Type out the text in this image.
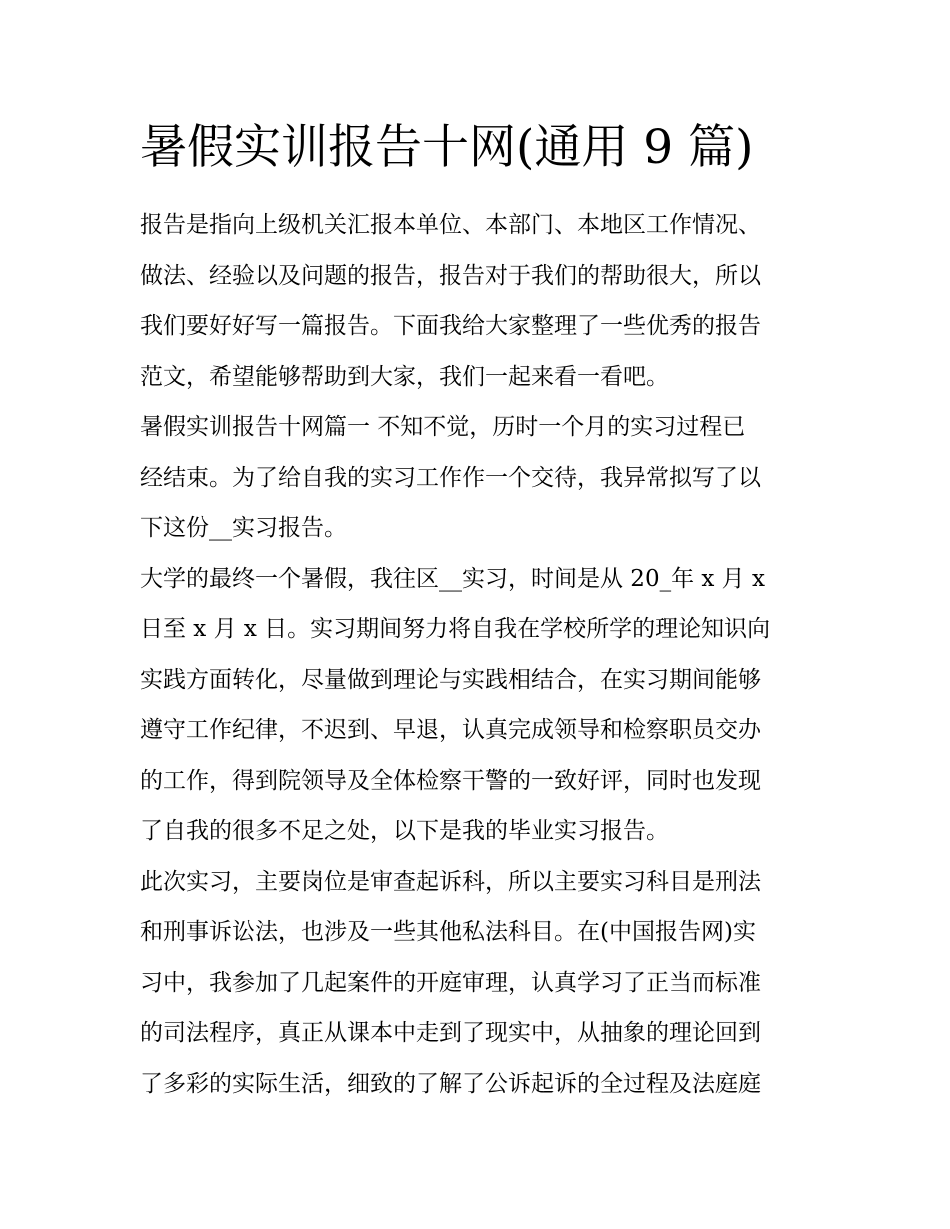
暑假实训报告十网(通用 9 篇)
报告是指向上级机关汇报本单位、本部门、本地区工作情况、
做法、经验以及问题的报告，报告对于我们的帮助很大，所以
我们要好好写一篇报告。下面我给大家整理了一些优秀的报告
范文，希望能够帮助到大家，我们一起来看一看吧。
暑假实训报告十网篇一 不知不觉，历时一个月的实习过程已
经结束。为了给自我的实习工作作一个交待，我异常拟写了以
下这份__实习报告。
大学的最终一个暑假，我往区__实习，时间是从 20_年 x 月 x
日至 x 月 x 日。实习期间努力将自我在学校所学的理论知识向
实践方面转化，尽量做到理论与实践相结合，在实习期间能够
遵守工作纪律，不迟到、早退，认真完成领导和检察职员交办
的工作，得到院领导及全体检察干警的一致好评，同时也发现
了自我的很多不足之处，以下是我的毕业实习报告。
此次实习，主要岗位是审查起诉科，所以主要实习科目是刑法
和刑事诉讼法，也涉及一些其他私法科目。在(中国报告网)实
习中，我参加了几起案件的开庭审理，认真学习了正当而标准
的司法程序，真正从课本中走到了现实中，从抽象的理论回到
了多彩的实际生活，细致的了解了公诉起诉的全过程及法庭庭
